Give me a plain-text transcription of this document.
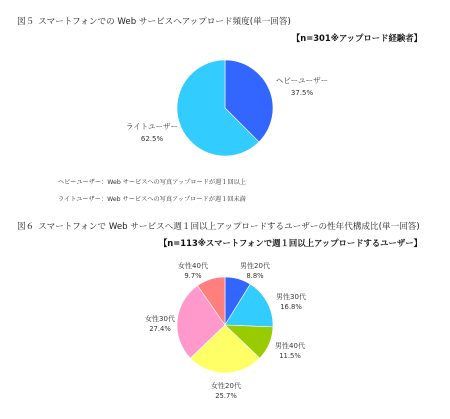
図５ スマートフォンでの Web サービスへアップロード頻度(単一回答)
【n=301※アップロード経験者】
ヘビーユーザー
37.5%
ライトユーザー
62.5%
男性20代
8.8%
男性30代
16.8%
男性40代
11.5%
女性20代
25.7%
女性30代
27.4%
女性40代
9.7%
ヘビーユーザー：Web サービスへの写真アップロードが週１回以上
ライトユーザー：Web サービスへの写真アップロードが週１回未満
図６ スマートフォンで Web サービスへ週１回以上アップロードするユーザーの性年代構成比(単一回答)
【n=113※スマートフォンで週１回以上アップロードするユーザー】
